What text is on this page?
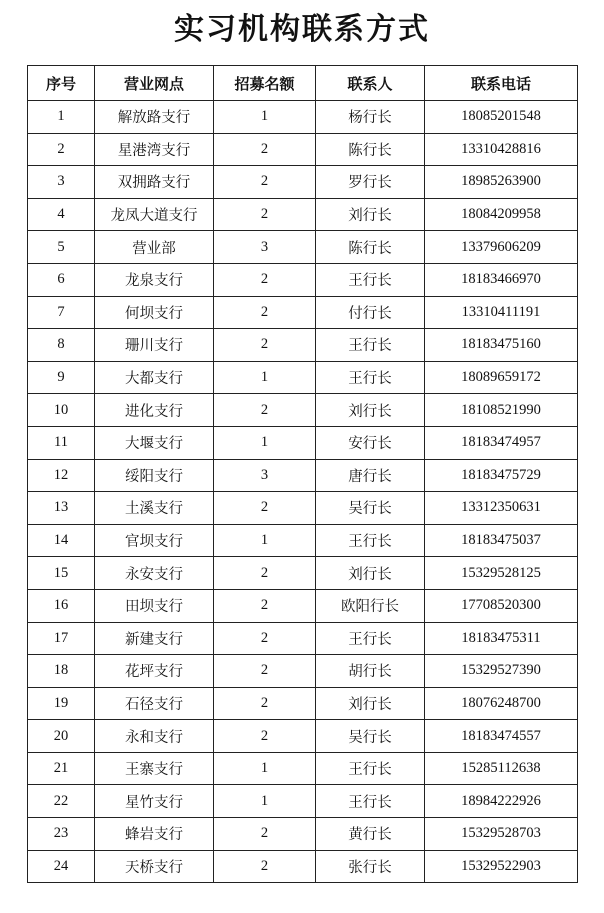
实习机构联系方式
序号	营业网点	招募名额	联系人	联系电话
1	解放路支行	1	杨行长	18085201548
2	星港湾支行	2	陈行长	13310428816
3	双拥路支行	2	罗行长	18985263900
4	龙凤大道支行	2	刘行长	18084209958
5	营业部	3	陈行长	13379606209
6	龙泉支行	2	王行长	18183466970
7	何坝支行	2	付行长	13310411191
8	珊川支行	2	王行长	18183475160
9	大都支行	1	王行长	18089659172
10	进化支行	2	刘行长	18108521990
11	大堰支行	1	安行长	18183474957
12	绥阳支行	3	唐行长	18183475729
13	土溪支行	2	吴行长	13312350631
14	官坝支行	1	王行长	18183475037
15	永安支行	2	刘行长	15329528125
16	田坝支行	2	欧阳行长	17708520300
17	新建支行	2	王行长	18183475311
18	花坪支行	2	胡行长	15329527390
19	石径支行	2	刘行长	18076248700
20	永和支行	2	吴行长	18183474557
21	王寨支行	1	王行长	15285112638
22	星竹支行	1	王行长	18984222926
23	蜂岩支行	2	黄行长	15329528703
24	天桥支行	2	张行长	15329522903
